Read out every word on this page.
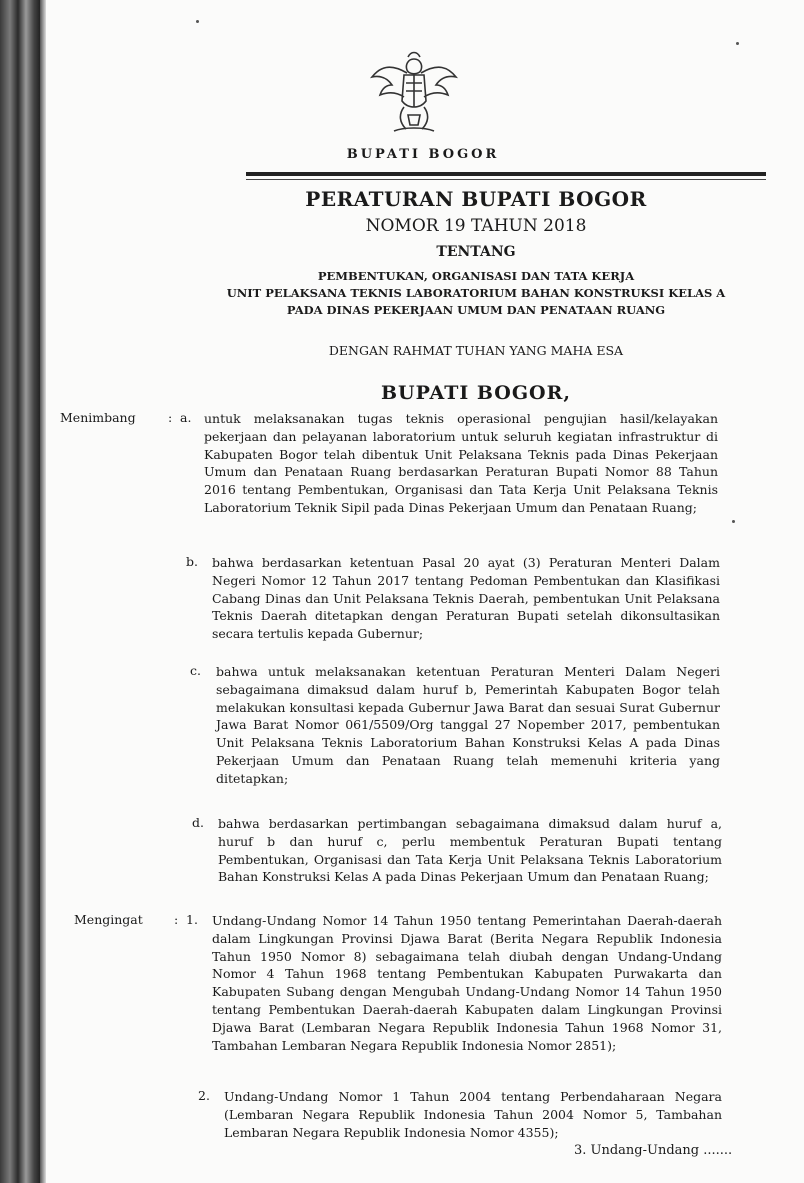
BUPATI BOGOR
PERATURAN BUPATI BOGOR
NOMOR 19 TAHUN 2018
TENTANG
PEMBENTUKAN, ORGANISASI DAN TATA KERJA
UNIT PELAKSANA TEKNIS LABORATORIUM BAHAN KONSTRUKSI KELAS A
PADA DINAS PEKERJAAN UMUM DAN PENATAAN RUANG
DENGAN RAHMAT TUHAN YANG MAHA ESA
BUPATI BOGOR,
Menimbang	: a. untuk melaksanakan tugas teknis operasional pengujian hasil/kelayakan pekerjaan dan pelayanan laboratorium untuk seluruh kegiatan infrastruktur di Kabupaten Bogor telah dibentuk Unit Pelaksana Teknis pada Dinas Pekerjaan Umum dan Penataan Ruang berdasarkan Peraturan Bupati Nomor 88 Tahun 2016 tentang Pembentukan, Organisasi dan Tata Kerja Unit Pelaksana Teknis Laboratorium Teknik Sipil pada Dinas Pekerjaan Umum dan Penataan Ruang;
b. bahwa berdasarkan ketentuan Pasal 20 ayat (3) Peraturan Menteri Dalam Negeri Nomor 12 Tahun 2017 tentang Pedoman Pembentukan dan Klasifikasi Cabang Dinas dan Unit Pelaksana Teknis Daerah, pembentukan Unit Pelaksana Teknis Daerah ditetapkan dengan Peraturan Bupati setelah dikonsultasikan secara tertulis kepada Gubernur;
c. bahwa untuk melaksanakan ketentuan Peraturan Menteri Dalam Negeri sebagaimana dimaksud dalam huruf b, Pemerintah Kabupaten Bogor telah melakukan konsultasi kepada Gubernur Jawa Barat dan sesuai Surat Gubernur Jawa Barat Nomor 061/5509/Org tanggal 27 Nopember 2017, pembentukan Unit Pelaksana Teknis Laboratorium Bahan Konstruksi Kelas A pada Dinas Pekerjaan Umum dan Penataan Ruang telah memenuhi kriteria yang ditetapkan;
d. bahwa berdasarkan pertimbangan sebagaimana dimaksud dalam huruf a, huruf b dan huruf c, perlu membentuk Peraturan Bupati tentang Pembentukan, Organisasi dan Tata Kerja Unit Pelaksana Teknis Laboratorium Bahan Konstruksi Kelas A pada Dinas Pekerjaan Umum dan Penataan Ruang;
Mengingat : 1. Undang-Undang Nomor 14 Tahun 1950 tentang Pemerintahan Daerah-daerah dalam Lingkungan Provinsi Djawa Barat (Berita Negara Republik Indonesia Tahun 1950 Nomor 8) sebagaimana telah diubah dengan Undang-Undang Nomor 4 Tahun 1968 tentang Pembentukan Kabupaten Purwakarta dan Kabupaten Subang dengan Mengubah Undang-Undang Nomor 14 Tahun 1950 tentang Pembentukan Daerah-daerah Kabupaten dalam Lingkungan Provinsi Djawa Barat (Lembaran Negara Republik Indonesia Tahun 1968 Nomor 31, Tambahan Lembaran Negara Republik Indonesia Nomor 2851);
2. Undang-Undang Nomor 1 Tahun 2004 tentang Perbendaharaan Negara (Lembaran Negara Republik Indonesia Tahun 2004 Nomor 5, Tambahan Lembaran Negara Republik Indonesia Nomor 4355);
3. Undang-Undang .......
